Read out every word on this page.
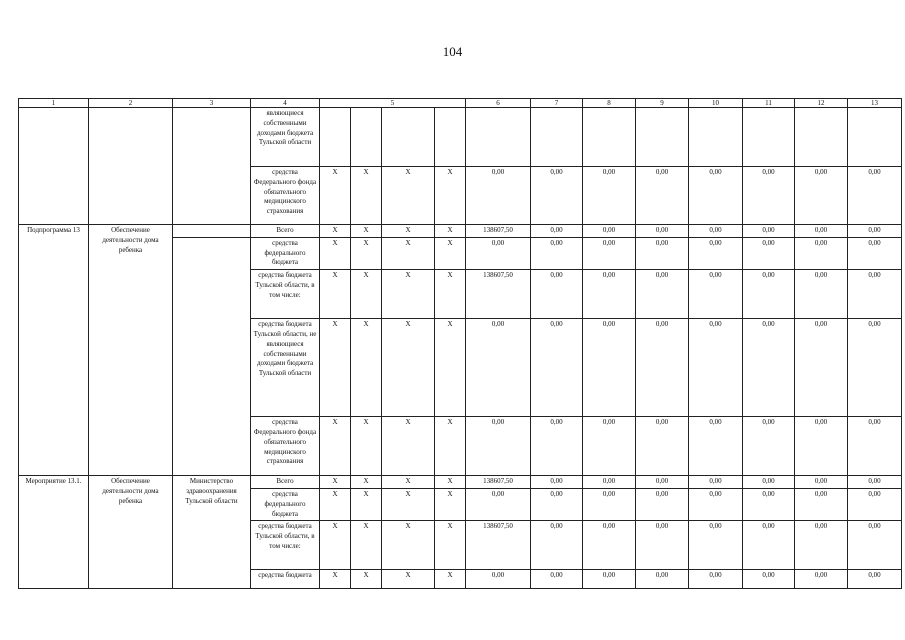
104
1	2	3	4	5				6	7	8	9	10	11	12	13
			являющиеся собственными доходами бюджета Тульской области												
			средства Федерального фонда обязательного медицинского страхования	X	X	X	X	0,00	0,00	0,00	0,00	0,00	0,00	0,00	0,00
Подпрограмма 13	Обеспечение деятельности дома ребенка		Всего	X	X	X	X	138607,50	0,00	0,00	0,00	0,00	0,00	0,00	0,00
			средства федерального бюджета	X	X	X	X	0,00	0,00	0,00	0,00	0,00	0,00	0,00	0,00
			средства бюджета Тульской области, в том числе:	X	X	X	X	138607,50	0,00	0,00	0,00	0,00	0,00	0,00	0,00
			средства бюджета Тульской области, не являющиеся собственными доходами бюджета Тульской области	X	X	X	X	0,00	0,00	0,00	0,00	0,00	0,00	0,00	0,00
			средства Федерального фонда обязательного медицинского страхования	X	X	X	X	0,00	0,00	0,00	0,00	0,00	0,00	0,00	0,00
Мероприятие 13.1.	Обеспечение деятельности дома ребенка	Министерство здравоохранения Тульской области	Всего	X	X	X	X	138607,50	0,00	0,00	0,00	0,00	0,00	0,00	0,00
			средства федерального бюджета	X	X	X	X	0,00	0,00	0,00	0,00	0,00	0,00	0,00	0,00
			средства бюджета Тульской области, в том числе:	X	X	X	X	138607,50	0,00	0,00	0,00	0,00	0,00	0,00	0,00
			средства бюджета	X	X	X	X	0,00	0,00	0,00	0,00	0,00	0,00	0,00	0,00
